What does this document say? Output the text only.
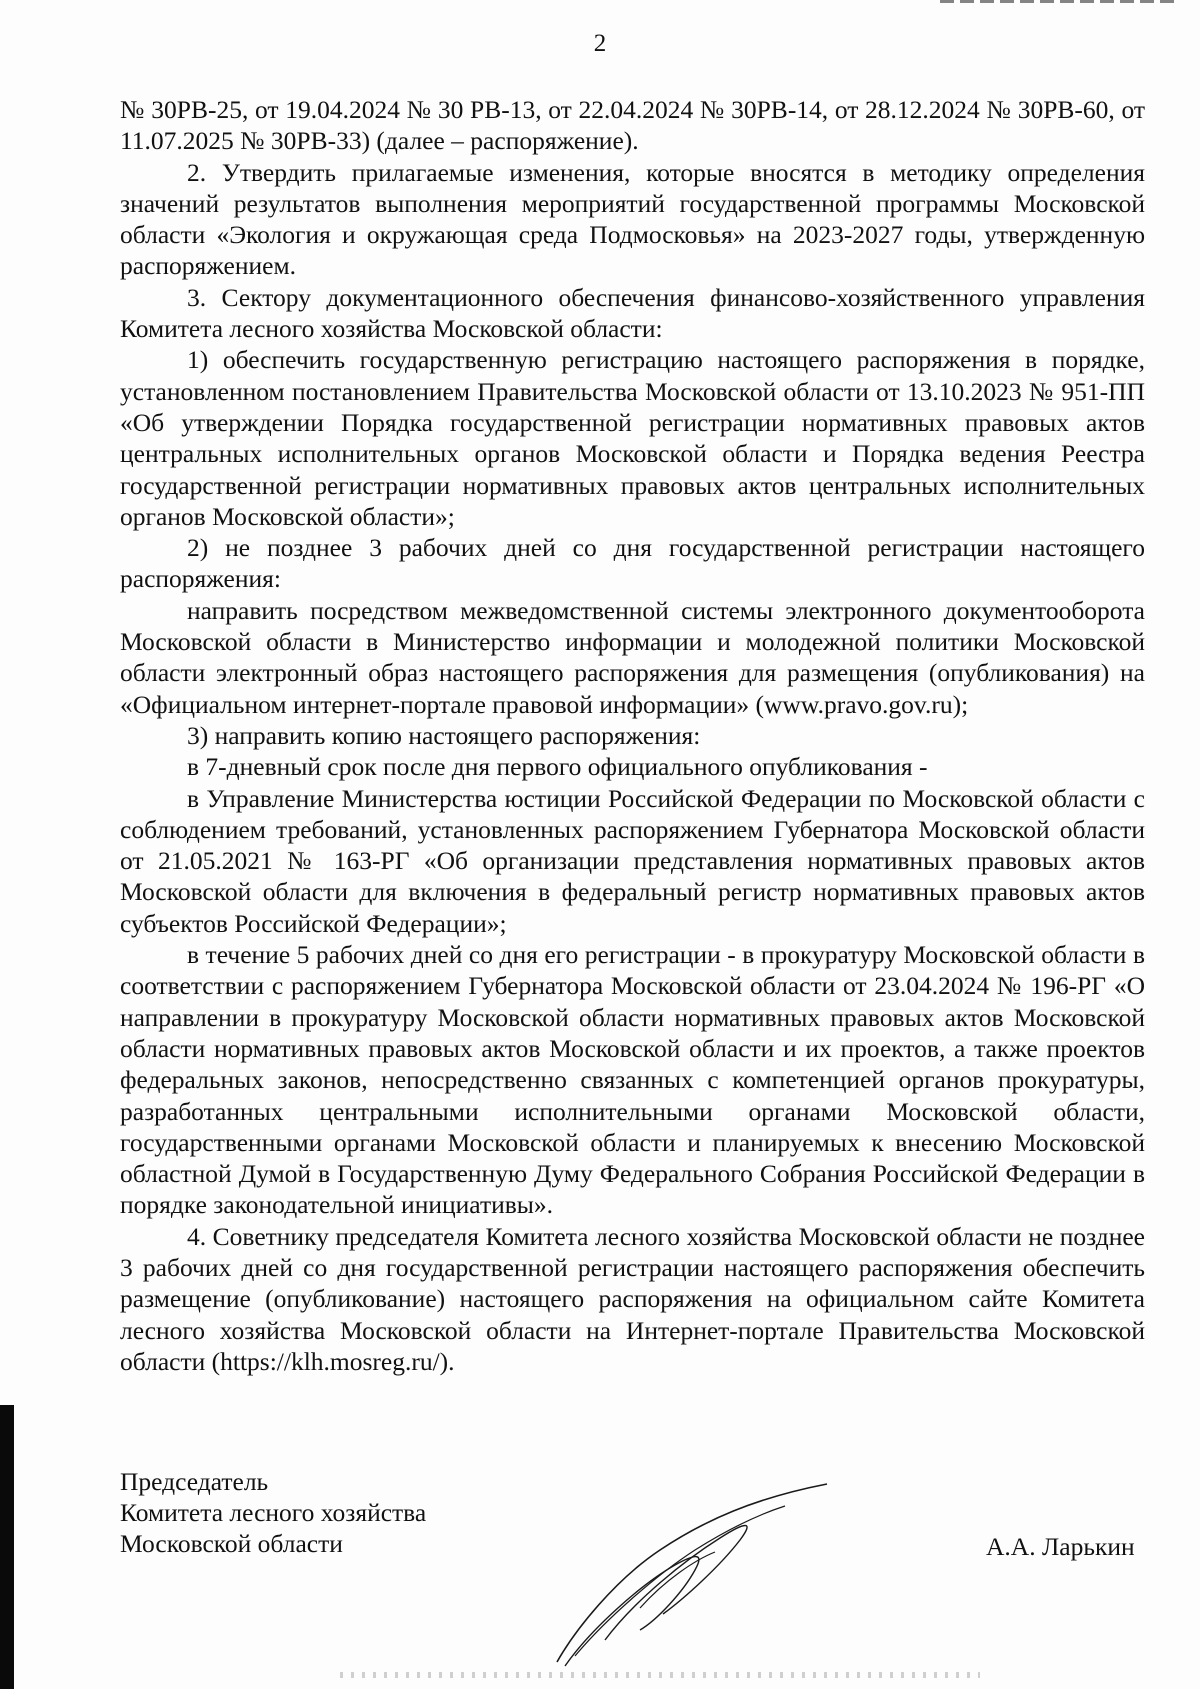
2

№ 30РВ-25, от 19.04.2024 № 30 РВ-13, от 22.04.2024 № 30РВ-14, от 28.12.2024 № 30РВ-60, от 11.07.2025 № 30РВ-33) (далее – распоряжение).

2. Утвердить прилагаемые изменения, которые вносятся в методику определения значений результатов выполнения мероприятий государственной программы Московской области «Экология и окружающая среда Подмосковья» на 2023-2027 годы, утвержденную распоряжением.

3. Сектору документационного обеспечения финансово-хозяйственного управления Комитета лесного хозяйства Московской области:

1) обеспечить государственную регистрацию настоящего распоряжения в порядке, установленном постановлением Правительства Московской области от 13.10.2023 № 951-ПП «Об утверждении Порядка государственной регистрации нормативных правовых актов центральных исполнительных органов Московской области и Порядка ведения Реестра государственной регистрации нормативных правовых актов центральных исполнительных органов Московской области»;

2) не позднее 3 рабочих дней со дня государственной регистрации настоящего распоряжения:

направить посредством межведомственной системы электронного документооборота Московской области в Министерство информации и молодежной политики Московской области электронный образ настоящего распоряжения для размещения (опубликования) на «Официальном интернет-портале правовой информации» (www.pravo.gov.ru);

3) направить копию настоящего распоряжения:

в 7-дневный срок после дня первого официального опубликования -

в Управление Министерства юстиции Российской Федерации по Московской области с соблюдением требований, установленных распоряжением Губернатора Московской области от 21.05.2021 № 163-РГ «Об организации представления нормативных правовых актов Московской области для включения в федеральный регистр нормативных правовых актов субъектов Российской Федерации»;

в течение 5 рабочих дней со дня его регистрации - в прокуратуру Московской области в соответствии с распоряжением Губернатора Московской области от 23.04.2024 № 196-РГ «О направлении в прокуратуру Московской области нормативных правовых актов Московской области нормативных правовых актов Московской области и их проектов, а также проектов федеральных законов, непосредственно связанных с компетенцией органов прокуратуры, разработанных центральными исполнительными органами Московской области, государственными органами Московской области и планируемых к внесению Московской областной Думой в Государственную Думу Федерального Собрания Российской Федерации в порядке законодательной инициативы».

4. Советнику председателя Комитета лесного хозяйства Московской области не позднее 3 рабочих дней со дня государственной регистрации настоящего распоряжения обеспечить размещение (опубликование) настоящего распоряжения на официальном сайте Комитета лесного хозяйства Московской области на Интернет-портале Правительства Московской области (https://klh.mosreg.ru/).

Председатель
Комитета лесного хозяйства
Московской области	А.А. Ларькин
